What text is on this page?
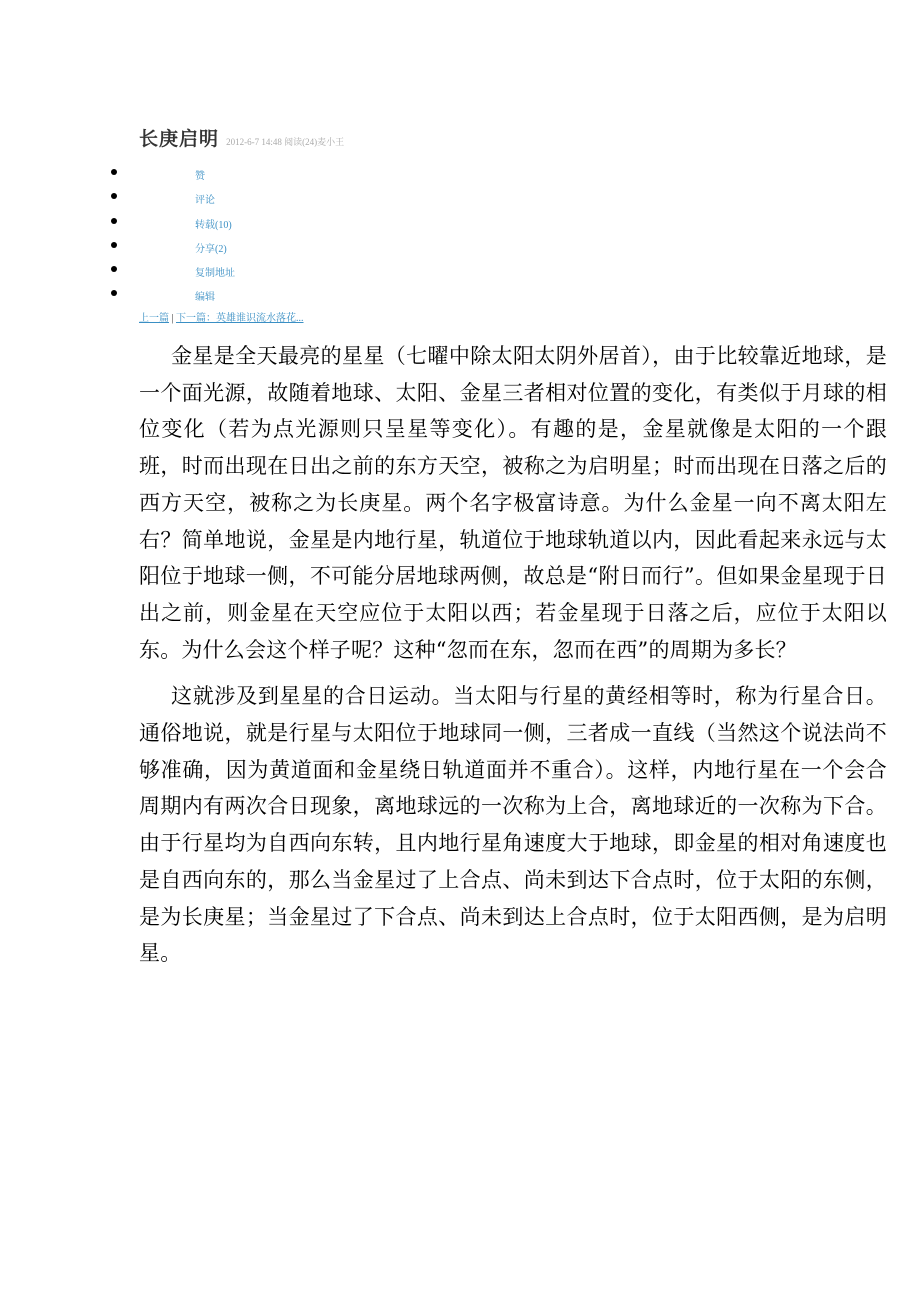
长庚启明 2012-6-7 14:48 阅读(24)麦小王
赞
评论
转载(10)
分享(2)
复制地址
编辑
上一篇 | 下一篇：英雄谁识流水落花...

金星是全天最亮的星星（七曜中除太阳太阴外居首），由于比较靠近地球，是一个面光源，故随着地球、太阳、金星三者相对位置的变化，有类似于月球的相位变化（若为点光源则只呈星等变化）。有趣的是，金星就像是太阳的一个跟班，时而出现在日出之前的东方天空，被称之为启明星；时而出现在日落之后的西方天空，被称之为长庚星。两个名字极富诗意。为什么金星一向不离太阳左右？简单地说，金星是内地行星，轨道位于地球轨道以内，因此看起来永远与太阳位于地球一侧，不可能分居地球两侧，故总是“附日而行”。但如果金星现于日出之前，则金星在天空应位于太阳以西；若金星现于日落之后，应位于太阳以东。为什么会这个样子呢？这种“忽而在东，忽而在西”的周期为多长？

这就涉及到星星的合日运动。当太阳与行星的黄经相等时，称为行星合日。通俗地说，就是行星与太阳位于地球同一侧，三者成一直线（当然这个说法尚不够准确，因为黄道面和金星绕日轨道面并不重合）。这样，内地行星在一个会合周期内有两次合日现象，离地球远的一次称为上合，离地球近的一次称为下合。由于行星均为自西向东转，且内地行星角速度大于地球，即金星的相对角速度也是自西向东的，那么当金星过了上合点、尚未到达下合点时，位于太阳的东侧，是为长庚星；当金星过了下合点、尚未到达上合点时，位于太阳西侧，是为启明星。
